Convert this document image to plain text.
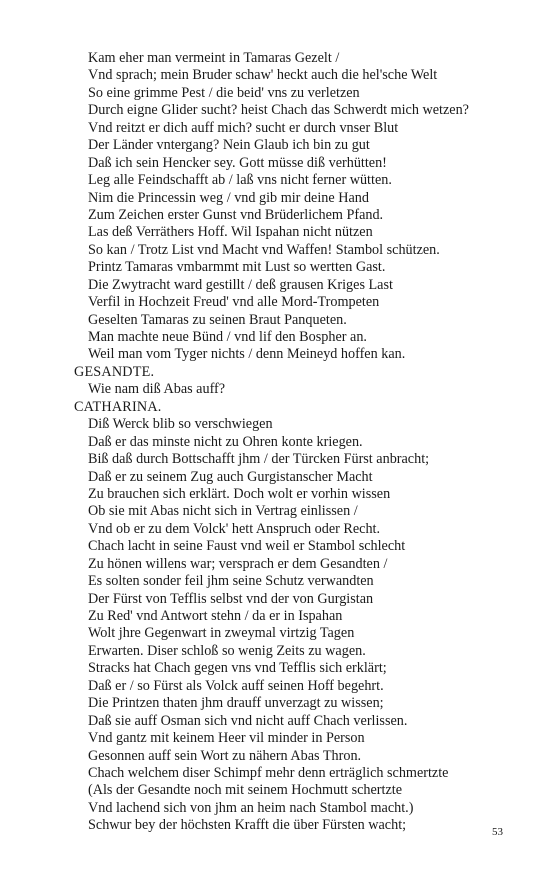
Kam eher man vermeint in Tamaras Gezelt /
Vnd sprach; mein Bruder schaw' heckt auch die hel'sche Welt
So eine grimme Pest / die beid' vns zu verletzen
Durch eigne Glider sucht? heist Chach das Schwerdt mich wetzen?
Vnd reitzt er dich auff mich? sucht er durch vnser Blut
Der Länder vntergang? Nein Glaub ich bin zu gut
Daß ich sein Hencker sey. Gott müsse diß verhütten!
Leg alle Feindschafft ab / laß vns nicht ferner wütten.
Nim die Princessin weg / vnd gib mir deine Hand
Zum Zeichen erster Gunst vnd Brüderlichem Pfand.
Las deß Verräthers Hoff. Wil Ispahan nicht nützen
So kan / Trotz List vnd Macht vnd Waffen! Stambol schützen.
Printz Tamaras vmbarmmt mit Lust so wertten Gast.
Die Zwytracht ward gestillt / deß grausen Kriges Last
Verfil in Hochzeit Freud' vnd alle Mord-Trompeten
Geselten Tamaras zu seinen Braut Panqueten.
Man machte neue Bünd / vnd lif den Bospher an.
Weil man vom Tyger nichts / denn Meineyd hoffen kan.
GESANDTE.
Wie nam diß Abas auff?
CATHARINA.
Diß Werck blib so verschwiegen
Daß er das minste nicht zu Ohren konte kriegen.
Biß daß durch Bottschafft jhm / der Türcken Fürst anbracht;
Daß er zu seinem Zug auch Gurgistanscher Macht
Zu brauchen sich erklärt. Doch wolt er vorhin wissen
Ob sie mit Abas nicht sich in Vertrag einlissen /
Vnd ob er zu dem Volck' hett Anspruch oder Recht.
Chach lacht in seine Faust vnd weil er Stambol schlecht
Zu hönen willens war; versprach er dem Gesandten /
Es solten sonder feil jhm seine Schutz verwandten
Der Fürst von Tefflis selbst vnd der von Gurgistan
Zu Red' vnd Antwort stehn / da er in Ispahan
Wolt jhre Gegenwart in zweymal virtzig Tagen
Erwarten. Diser schloß so wenig Zeits zu wagen.
Stracks hat Chach gegen vns vnd Tefflis sich erklärt;
Daß er / so Fürst als Volck auff seinen Hoff begehrt.
Die Printzen thaten jhm drauff unverzagt zu wissen;
Daß sie auff Osman sich vnd nicht auff Chach verlissen.
Vnd gantz mit keinem Heer vil minder in Person
Gesonnen auff sein Wort zu nähern Abas Thron.
Chach welchem diser Schimpf mehr denn erträglich schmertzte
(Als der Gesandte noch mit seinem Hochmutt schertzte
Vnd lachend sich von jhm an heim nach Stambol macht.)
Schwur bey der höchsten Krafft die über Fürsten wacht;	53
